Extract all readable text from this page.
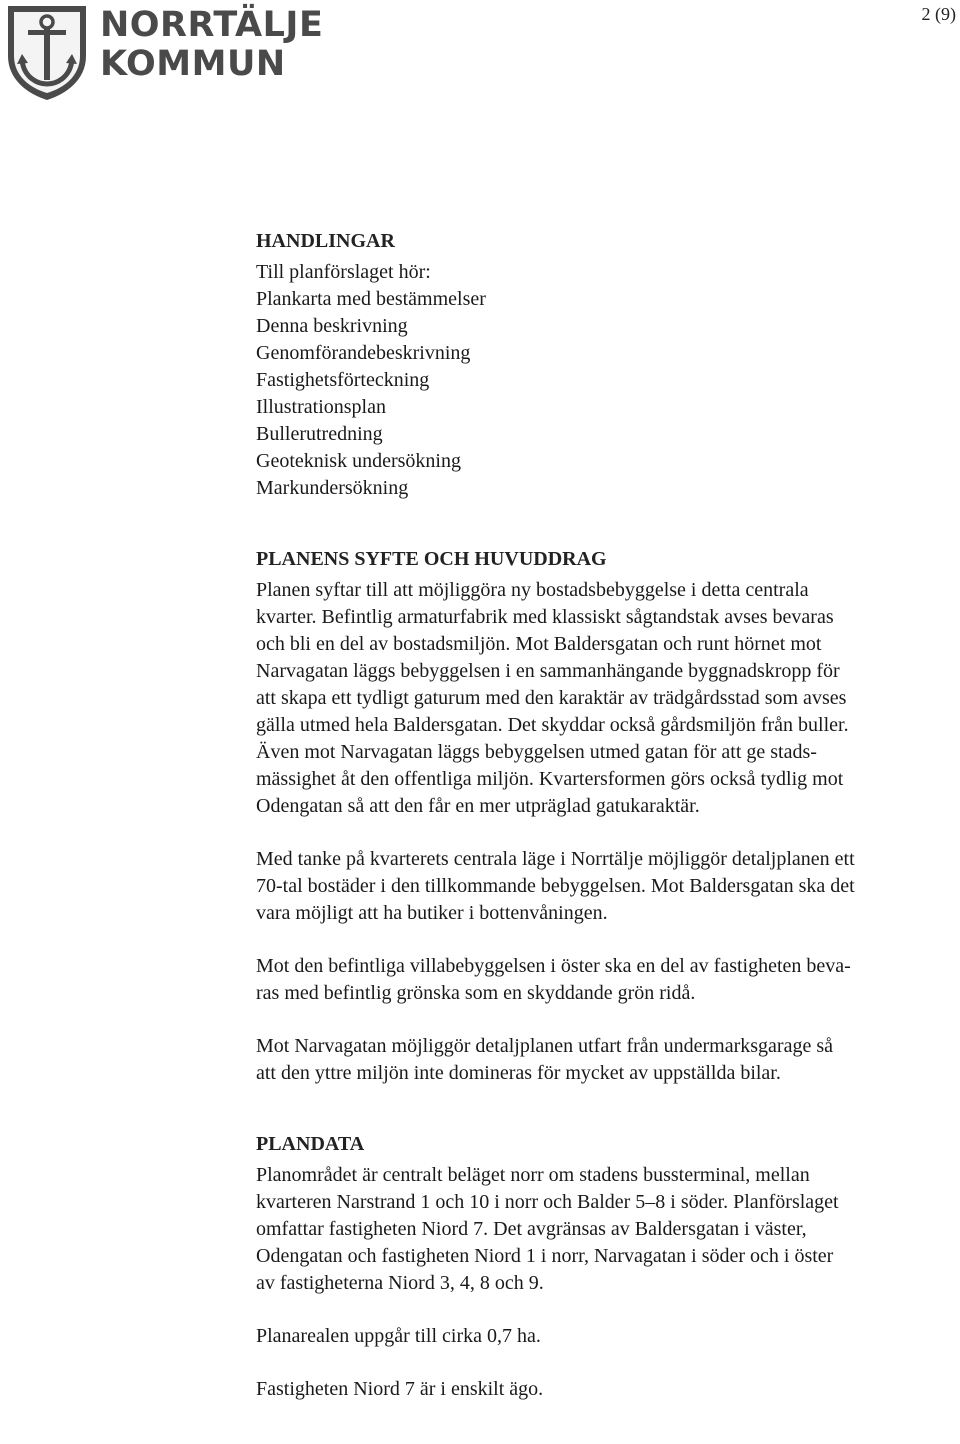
NORRTÄLJE
KOMMUN
2 (9)
HANDLINGAR
Till planförslaget hör:
Plankarta med bestämmelser
Denna beskrivning
Genomförandebeskrivning
Fastighetsförteckning
Illustrationsplan
Bullerutredning
Geoteknisk undersökning
Markundersökning
PLANENS SYFTE OCH HUVUDDRAG

Planen syftar till att möjliggöra ny bostadsbebyggelse i detta centrala

kvarter. Befintlig armaturfabrik med klassiskt sågtandstak avses bevaras

och bli en del av bostadsmiljön. Mot Baldersgatan och runt hörnet mot

Narvagatan läggs bebyggelsen i en sammanhängande byggnadskropp för

att skapa ett tydligt gaturum med den karaktär av trädgårdsstad som avses

gälla utmed hela Baldersgatan. Det skyddar också gårdsmiljön från buller.

Även mot Narvagatan läggs bebyggelsen utmed gatan för att ge stads-

mässighet åt den offentliga miljön. Kvartersformen görs också tydlig mot

Odengatan så att den får en mer utpräglad gatukaraktär.

Med tanke på kvarterets centrala läge i Norrtälje möjliggör detaljplanen ett

70-tal bostäder i den tillkommande bebyggelsen. Mot Baldersgatan ska det

vara möjligt att ha butiker i bottenvåningen.

Mot den befintliga villabebyggelsen i öster ska en del av fastigheten beva-

ras med befintlig grönska som en skyddande grön ridå.

Mot Narvagatan möjliggör detaljplanen utfart från undermarksgarage så

att den yttre miljön inte domineras för mycket av uppställda bilar.

PLANDATA

Planområdet är centralt beläget norr om stadens bussterminal, mellan

kvarteren Narstrand 1 och 10 i norr och Balder 5–8 i söder. Planförslaget

omfattar fastigheten Niord 7. Det avgränsas av Baldersgatan i väster,

Odengatan och fastigheten Niord 1 i norr, Narvagatan i söder och i öster

av fastigheterna Niord 3, 4, 8 och 9.

Planarealen uppgår till cirka 0,7 ha.

Fastigheten Niord 7 är i enskilt ägo.
